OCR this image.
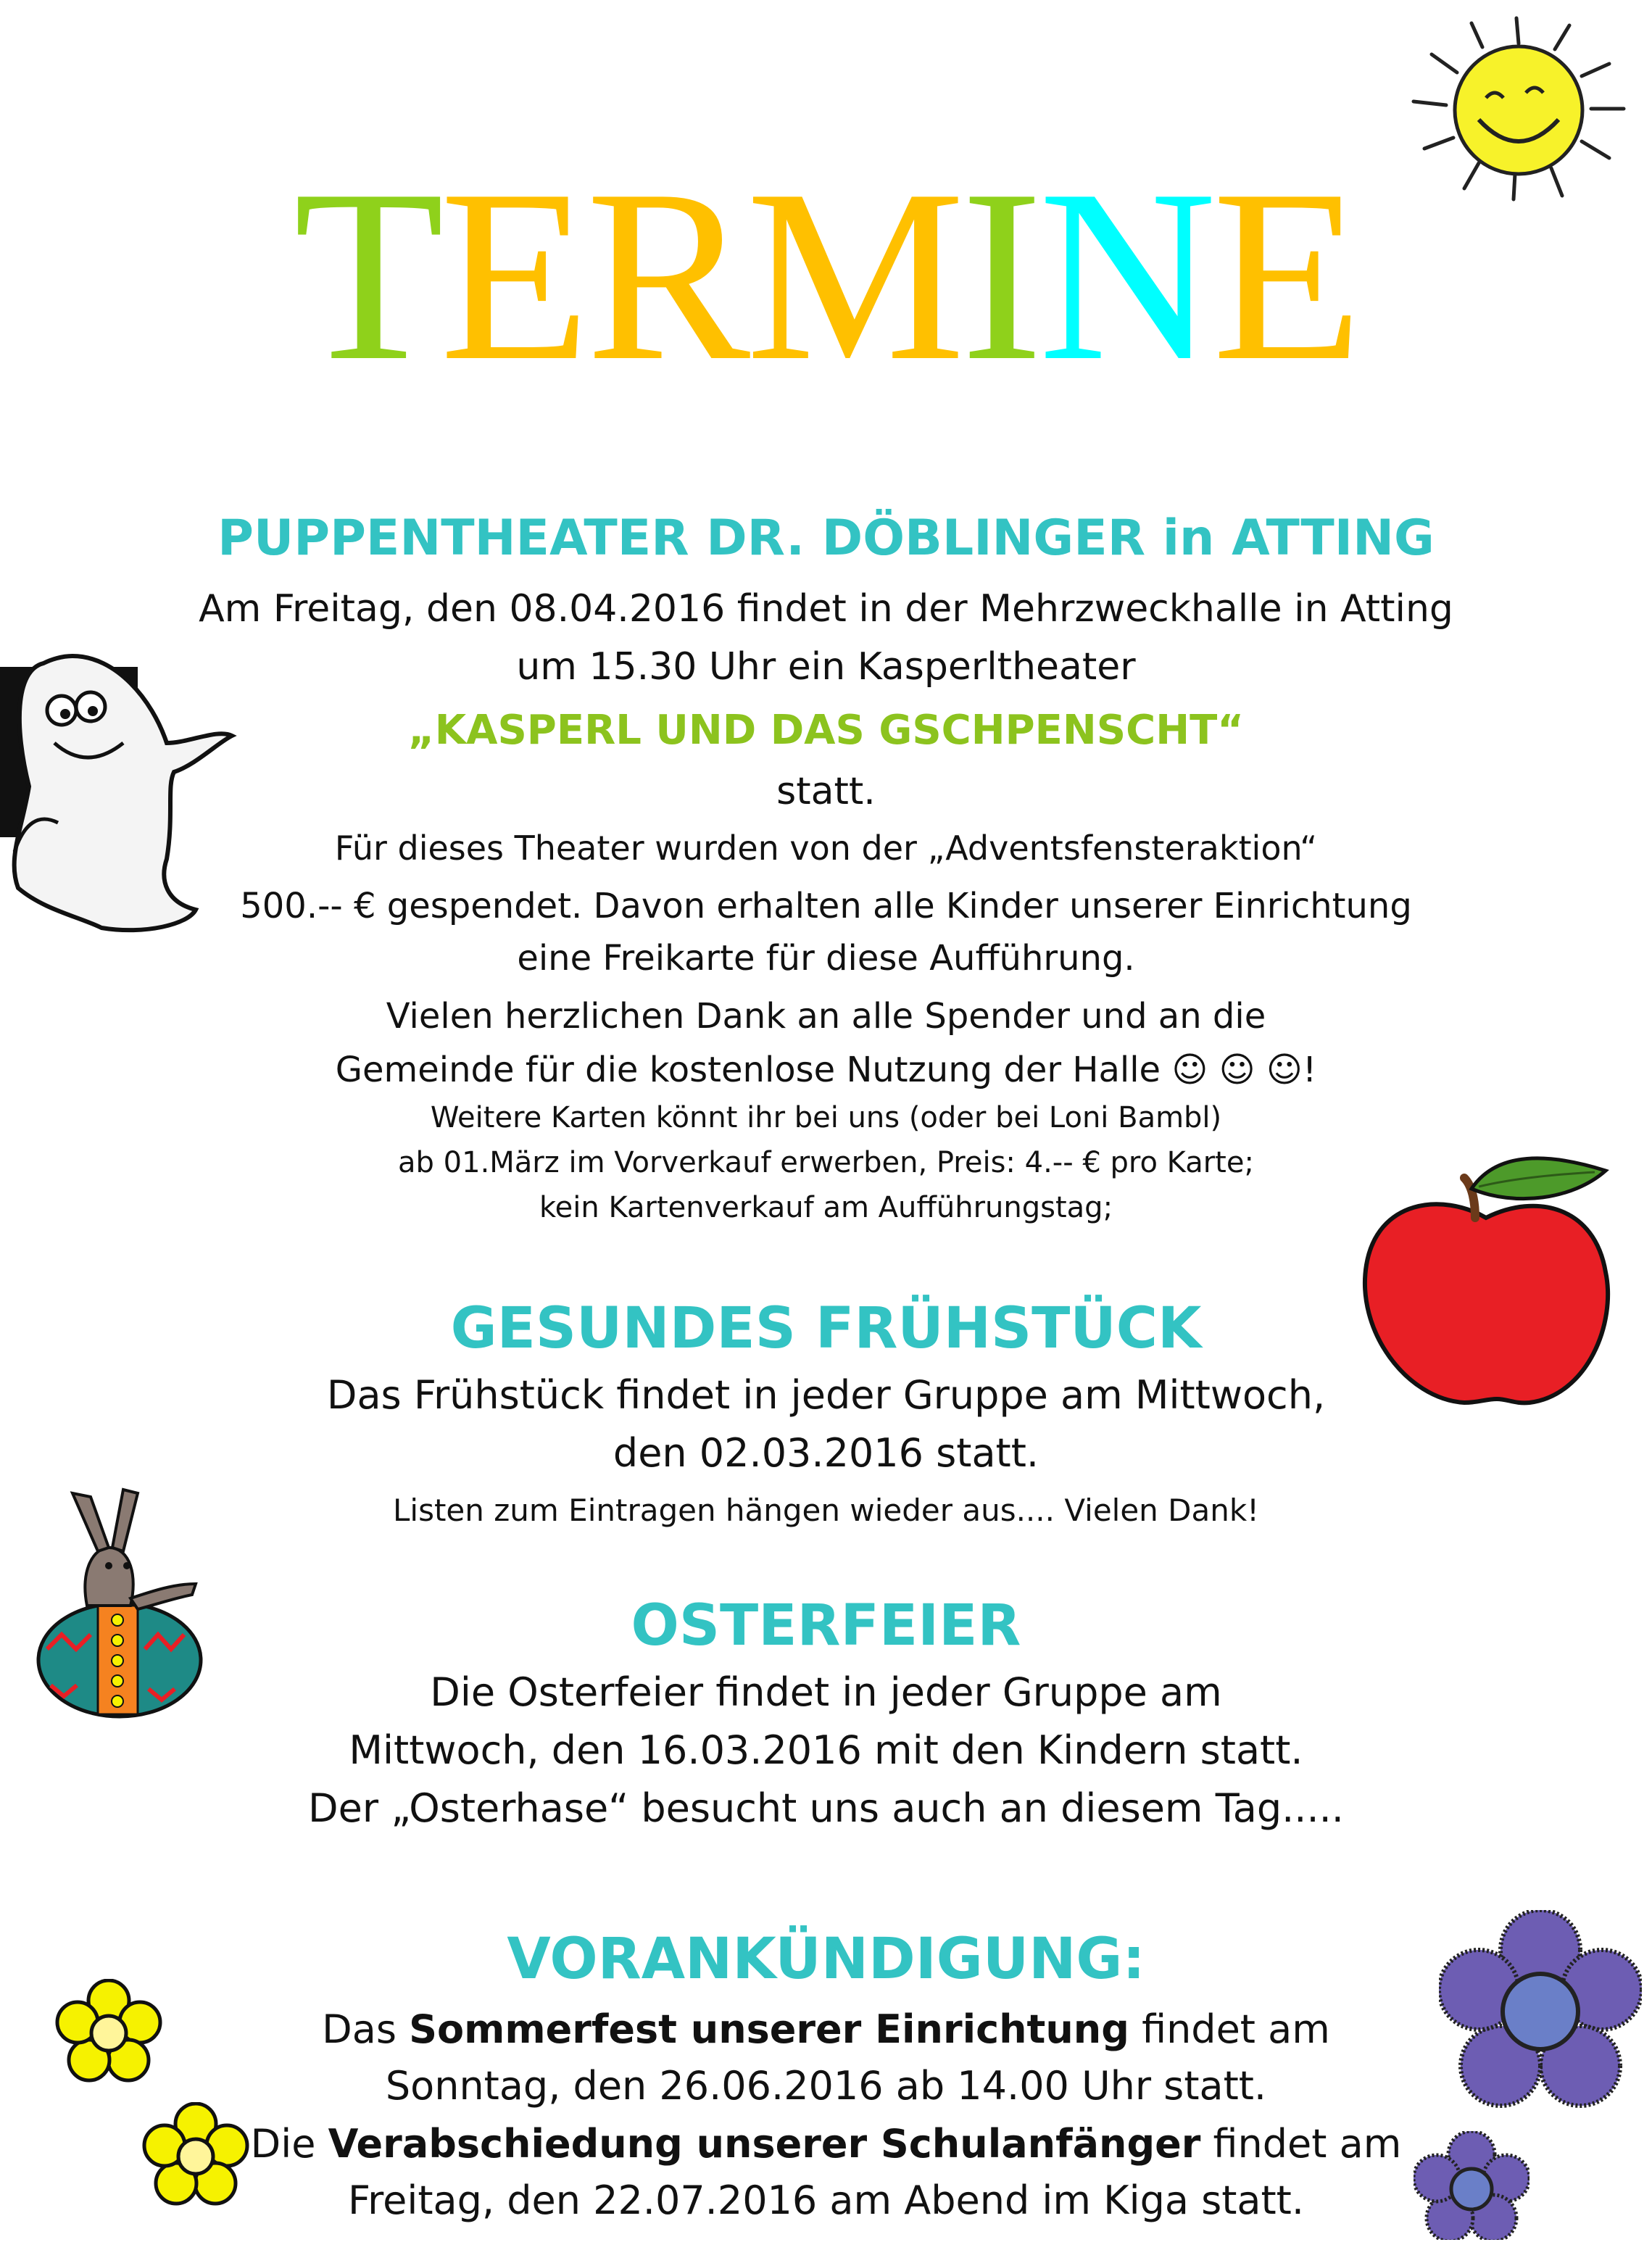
TERMINE
PUPPENTHEATER DR. DÖBLINGER in ATTING
Am Freitag, den 08.04.2016 findet in der Mehrzweckhalle in Atting
um 15.30 Uhr ein Kasperltheater
„KASPERL UND DAS GSCHPENSCHT“
statt.
Für dieses Theater wurden von der „Adventsfensteraktion“
500.-- € gespendet. Davon erhalten alle Kinder unserer Einrichtung
eine Freikarte für diese Aufführung.
Vielen herzlichen Dank an alle Spender und an die
Gemeinde für die kostenlose Nutzung der Halle ☺ ☺ ☺!
Weitere Karten könnt ihr bei uns (oder bei Loni Bambl)
ab 01.März im Vorverkauf erwerben, Preis: 4.-- € pro Karte;
kein Kartenverkauf am Aufführungstag;
GESUNDES FRÜHSTÜCK
Das Frühstück findet in jeder Gruppe am Mittwoch,
den 02.03.2016 statt.
Listen zum Eintragen hängen wieder aus.... Vielen Dank!
OSTERFEIER
Die Osterfeier findet in jeder Gruppe am
Mittwoch, den 16.03.2016 mit den Kindern statt.
Der „Osterhase“ besucht uns auch an diesem Tag.....
VORANKÜNDIGUNG:
Das Sommerfest unserer Einrichtung findet am
Sonntag, den 26.06.2016 ab 14.00 Uhr statt.
Die Verabschiedung unserer Schulanfänger findet am
Freitag, den 22.07.2016 am Abend im Kiga statt.
